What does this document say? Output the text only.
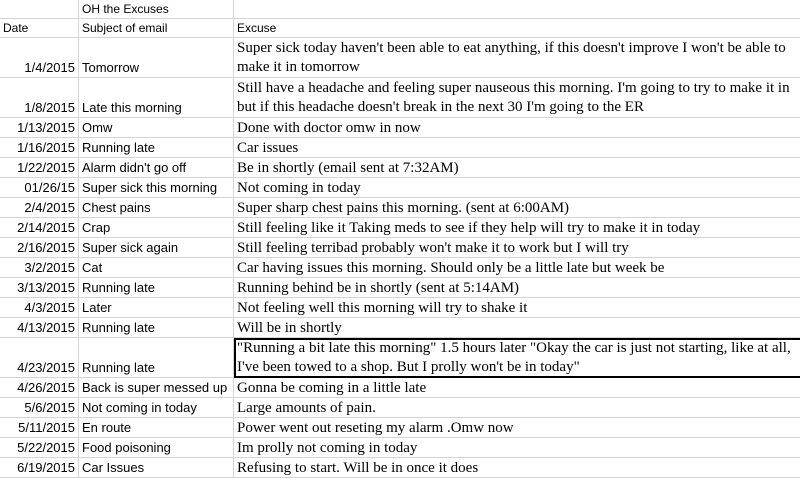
	OH the Excuses	
Date	Subject of email	Excuse
1/4/2015	Tomorrow	Super sick today haven't been able to eat anything, if this doesn't improve I won't be able to make it in tomorrow

1/8/2015	Late this morning	Still have a headache and feeling super nauseous this morning. I'm going to try to make it in but if this headache doesn't break in the next 30 I'm going to the ER

1/13/2015	Omw	Done with doctor omw in now
1/16/2015	Running late	Car issues
1/22/2015	Alarm didn't go off	Be in shortly (email sent at 7:32AM)
01/26/15	Super sick this morning	Not coming in today
2/4/2015	Chest pains	Super sharp chest pains this morning. (sent at 6:00AM)
2/14/2015	Crap	Still feeling like it Taking meds to see if they help will try to make it in today
2/16/2015	Super sick again	Still feeling terribad probably won't make it to work but I will try
3/2/2015	Cat	Car having issues this morning. Should only be a little late but week be
3/13/2015	Running late	Running behind be in shortly (sent at 5:14AM)
4/3/2015	Later	Not feeling well this morning will try to shake it
4/13/2015	Running late	Will be in shortly
4/23/2015	Running late	"Running a bit late this morning" 1.5 hours later "Okay the car is just not starting, like at all, I've been towed to a shop. But I prolly won't be in today"

4/26/2015	Back is super messed up	Gonna be coming in a little late
5/6/2015	Not coming in today	Large amounts of pain.
5/11/2015	En route	Power went out reseting my alarm .Omw now
5/22/2015	Food poisoning	Im prolly not coming in today
6/19/2015	Car Issues	Refusing to start. Will be in once it does
